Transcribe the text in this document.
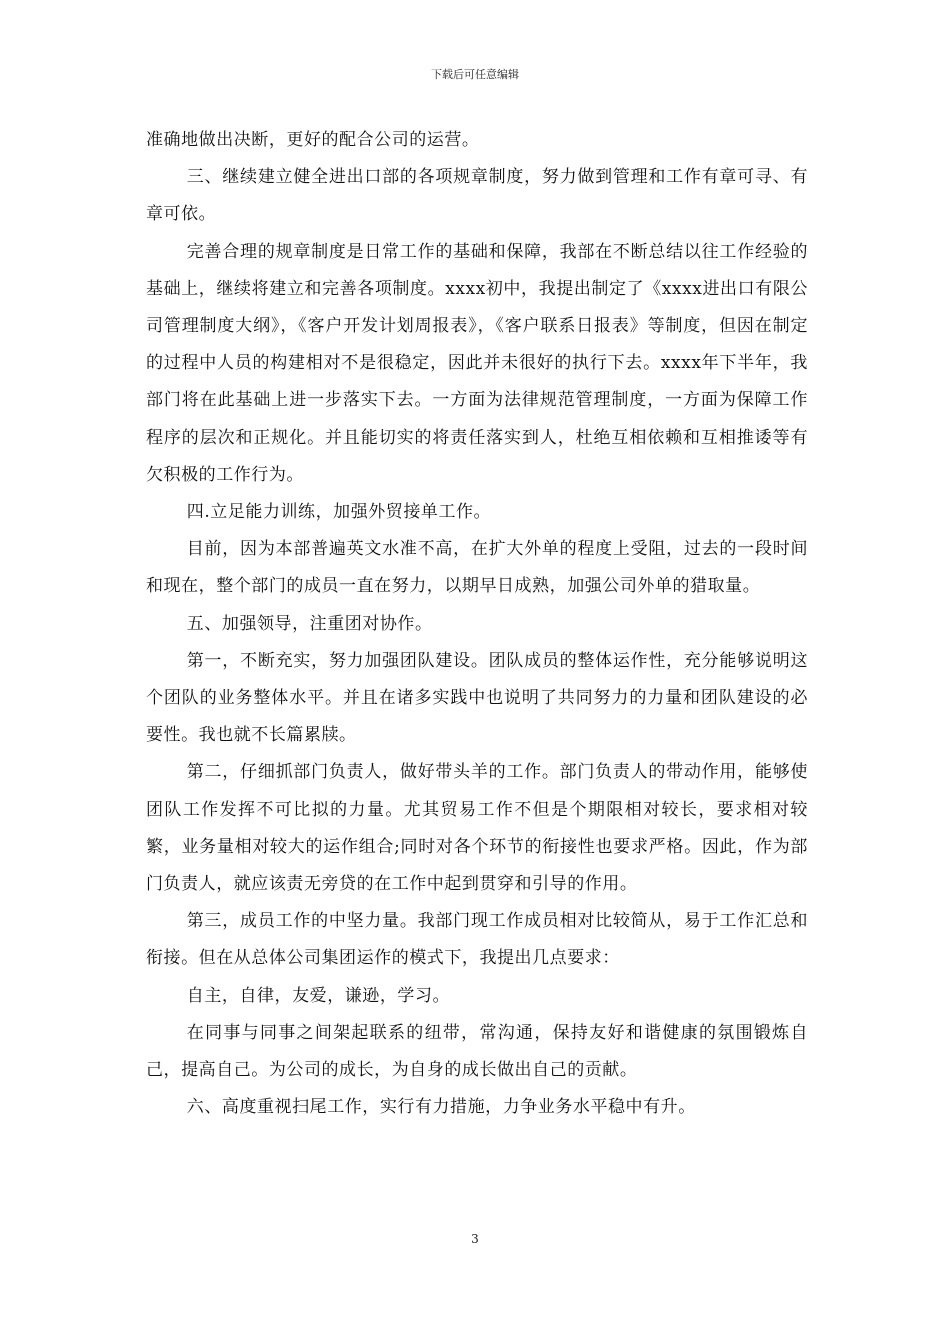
下载后可任意编辑

准确地做出决断，更好的配合公司的运营。

三、继续建立健全进出口部的各项规章制度，努力做到管理和工作有章可寻、有章可依。

完善合理的规章制度是日常工作的基础和保障，我部在不断总结以往工作经验的基础上，继续将建立和完善各项制度。xxxx初中，我提出制定了《xxxx进出口有限公司管理制度大纲》，《客户开发计划周报表》，《客户联系日报表》等制度，但因在制定的过程中人员的构建相对不是很稳定，因此并未很好的执行下去。xxxx年下半年，我部门将在此基础上进一步落实下去。一方面为法律规范管理制度，一方面为保障工作程序的层次和正规化。并且能切实的将责任落实到人，杜绝互相依赖和互相推诿等有欠积极的工作行为。

四.立足能力训练，加强外贸接单工作。

目前，因为本部普遍英文水准不高，在扩大外单的程度上受阻，过去的一段时间和现在，整个部门的成员一直在努力，以期早日成熟，加强公司外单的猎取量。

五、加强领导，注重团对协作。

第一，不断充实，努力加强团队建设。团队成员的整体运作性，充分能够说明这个团队的业务整体水平。并且在诸多实践中也说明了共同努力的力量和团队建设的必要性。我也就不长篇累牍。

第二，仔细抓部门负责人，做好带头羊的工作。部门负责人的带动作用，能够使团队工作发挥不可比拟的力量。尤其贸易工作不但是个期限相对较长，要求相对较繁，业务量相对较大的运作组合;同时对各个环节的衔接性也要求严格。因此，作为部门负责人，就应该责无旁贷的在工作中起到贯穿和引导的作用。

第三，成员工作的中坚力量。我部门现工作成员相对比较简从，易于工作汇总和衔接。但在从总体公司集团运作的模式下，我提出几点要求：

自主，自律，友爱，谦逊，学习。

在同事与同事之间架起联系的纽带，常沟通，保持友好和谐健康的氛围锻炼自己，提高自己。为公司的成长，为自身的成长做出自己的贡献。

六、高度重视扫尾工作，实行有力措施，力争业务水平稳中有升。

3
